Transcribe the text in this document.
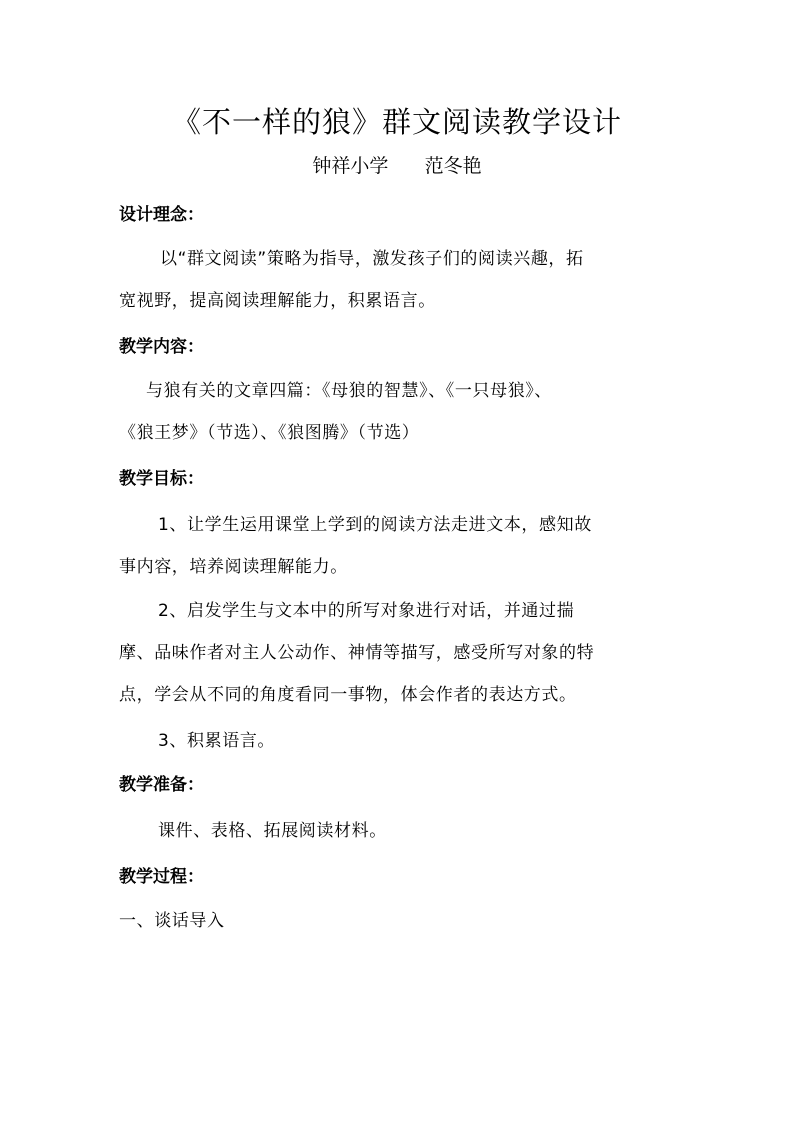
《不一样的狼》群文阅读教学设计
钟祥小学      范冬艳
设计理念：
以“群文阅读”策略为指导，激发孩子们的阅读兴趣，拓
宽视野，提高阅读理解能力，积累语言。
教学内容：
与狼有关的文章四篇：《母狼的智慧》、《一只母狼》、
《狼王梦》（节选）、《狼图腾》（节选）
教学目标：
1、让学生运用课堂上学到的阅读方法走进文本，感知故
事内容，培养阅读理解能力。
2、启发学生与文本中的所写对象进行对话，并通过揣
摩、品味作者对主人公动作、神情等描写，感受所写对象的特
点，学会从不同的角度看同一事物，体会作者的表达方式。
3、积累语言。
教学准备：
课件、表格、拓展阅读材料。
教学过程：
一、谈话导入
